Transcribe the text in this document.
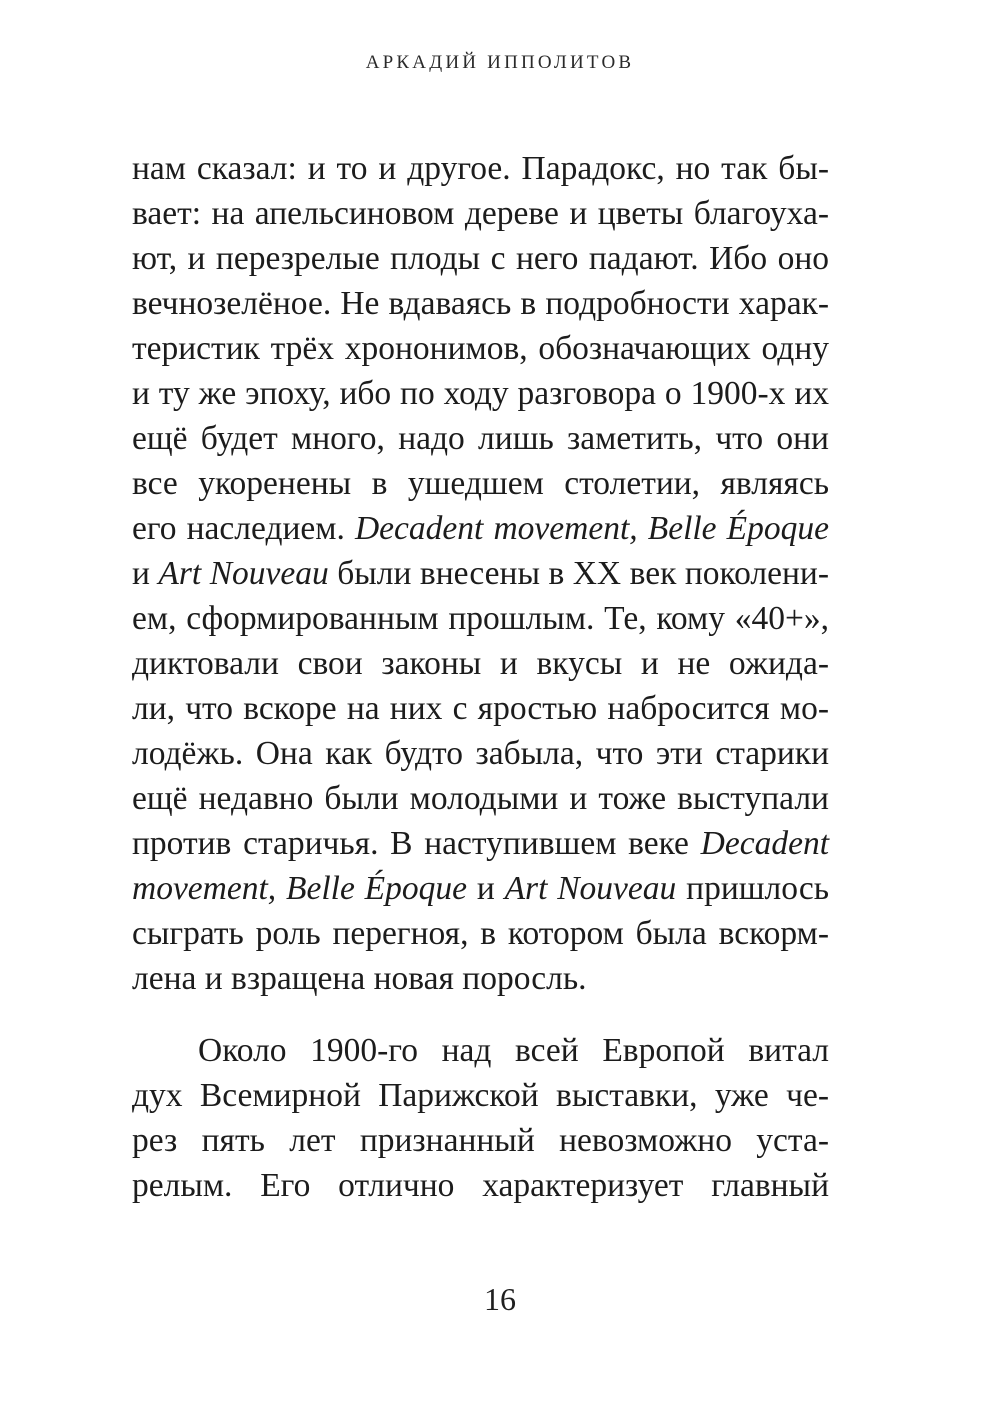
АРКАДИЙ ИППОЛИТОВ
нам сказал: и то и другое. Парадокс, но так бы-
вает: на апельсиновом дереве и цветы благоуха-
ют, и перезрелые плоды с него падают. Ибо оно
вечнозелёное. Не вдаваясь в подробности харак-
теристик трёх хрононимов, обозначающих одну
и ту же эпоху, ибо по ходу разговора о 1900-х их
ещё будет много, надо лишь заметить, что они
все укоренены в ушедшем столетии, являясь
его наследием. Decadent movement, Belle Époque
и Art Nouveau были внесены в XX век поколени-
ем, сформированным прошлым. Те, кому «40+»,
диктовали свои законы и вкусы и не ожида-
ли, что вскоре на них с яростью набросится мо-
лодёжь. Она как будто забыла, что эти старики
ещё недавно были молодыми и тоже выступали
против старичья. В наступившем веке Decadent
movement, Belle Époque и Art Nouveau пришлось
сыграть роль перегноя, в котором была вскорм-
лена и взращена новая поросль.
Около 1900-го над всей Европой витал
дух Всемирной Парижской выставки, уже че-
рез пять лет признанный невозможно уста-
релым. Его отлично характеризует главный
16
